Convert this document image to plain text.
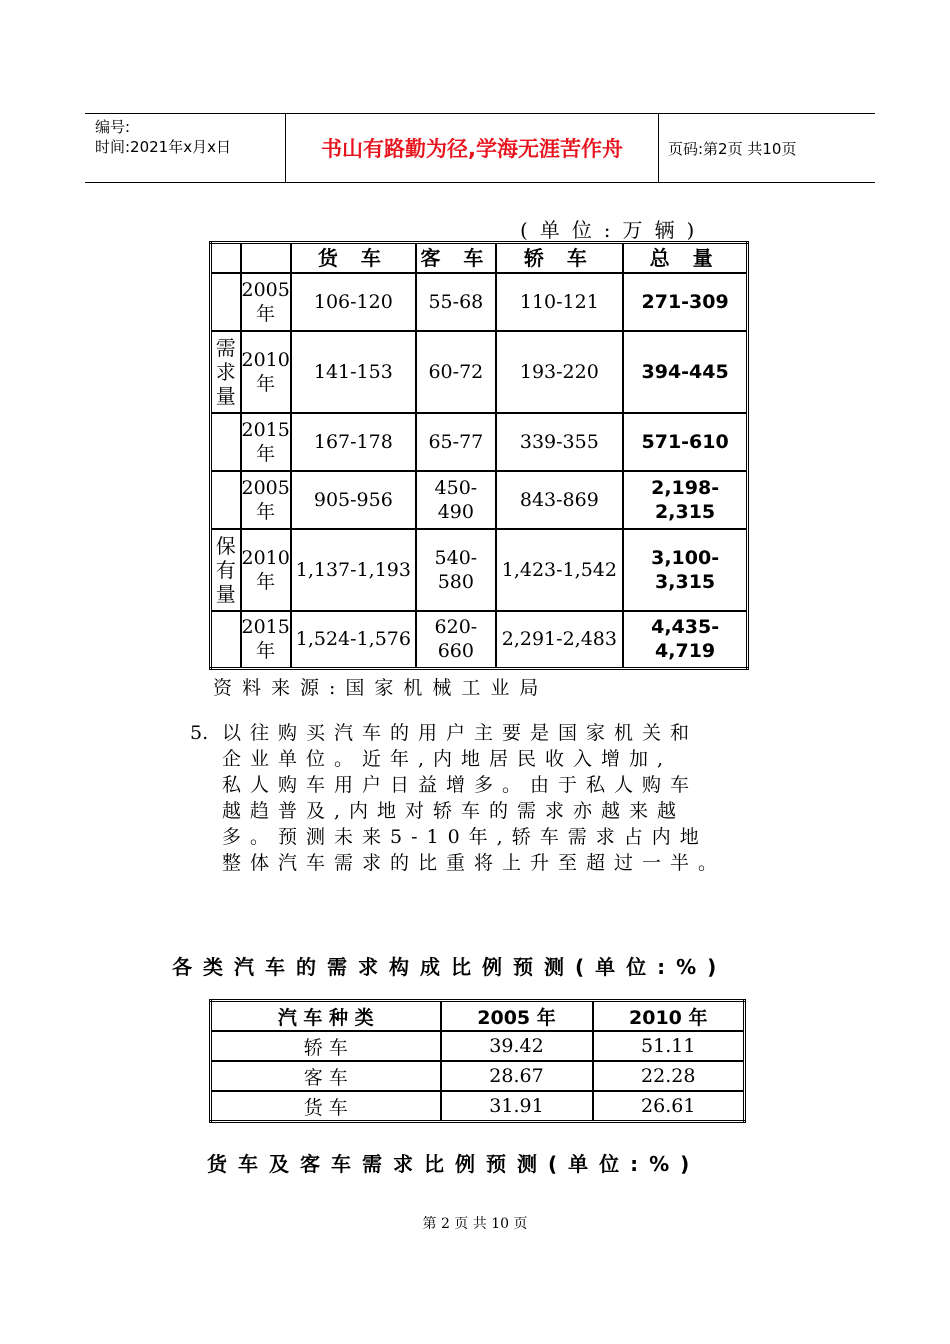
编号:
时间:2021年x月x日	书山有路勤为径,学海无涯苦作舟	页码:第2页 共10页
(单位:万辆)
		货 车	客 车	轿 车	总 量
	2005年	106-120	55-68	110-121	271-309
需求量	2010年	141-153	60-72	193-220	394-445
	2015年	167-178	65-77	339-355	571-610
	2005年	905-956	450-490	843-869	2,198-2,315
保有量	2010年	1,137-1,193	540-580	1,423-1,542	3,100-3,315
	2015年	1,524-1,576	620-660	2,291-2,483	4,435-4,719
资料来源:国家机械工业局
5. 以往购买汽车的用户主要是国家机关和
企业单位。近年,内地居民收入增加,
私人购车用户日益增多。由于私人购车
越趋普及,内地对轿车的需求亦越来越
多。预测未来5-10年,轿车需求占内地
整体汽车需求的比重将上升至超过一半。
各类汽车的需求构成比例预测(单位:%)
汽 车 种 类	2005 年	2010 年
轿 车	39.42	51.11
客 车	28.67	22.28
货 车	31.91	26.61
货车及客车需求比例预测(单位:%)
第 2 页 共 10 页
